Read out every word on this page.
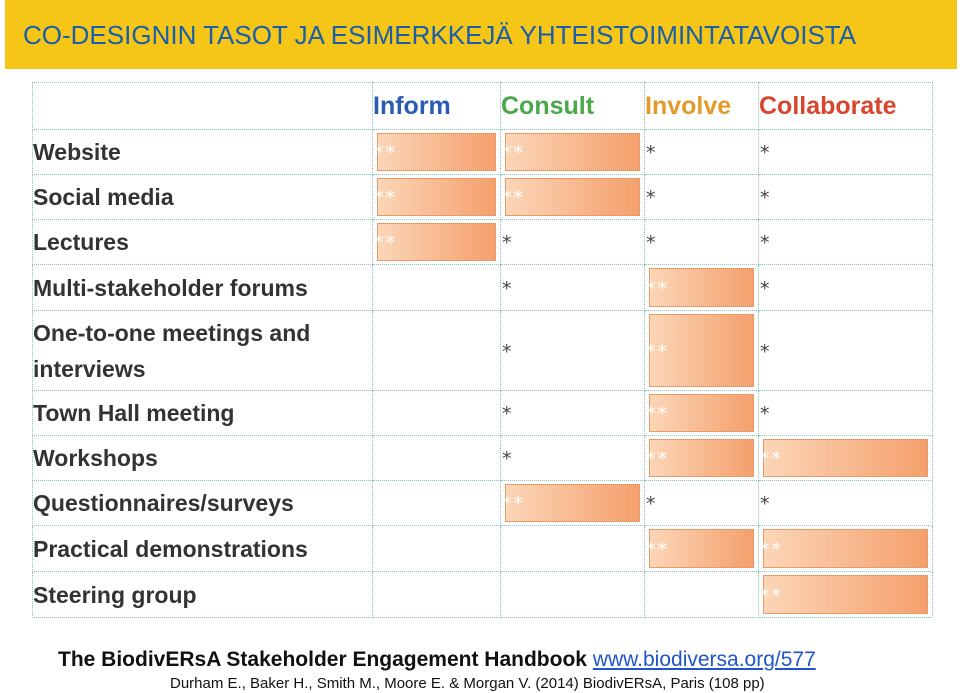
CO-DESIGNIN TASOT JA ESIMERKKEJÄ YHTEISTOIMINTATAVOISTA
	Inform	Consult	Involve	Collaborate
Website	**	**	*	*
Social media	**	**	*	*
Lectures	**	*	*	*
Multi-stakeholder forums		*	**	*
One-to-one meetings and interviews		*	**	*
Town Hall meeting		*	**	*
Workshops		*	**	**
Questionnaires/surveys		**	*	*
Practical demonstrations			**	**
Steering group				**
The BiodivERsA Stakeholder Engagement Handbook www.biodiversa.org/577
Durham E., Baker H., Smith M., Moore E. & Morgan V. (2014) BiodivERsA, Paris (108 pp)
